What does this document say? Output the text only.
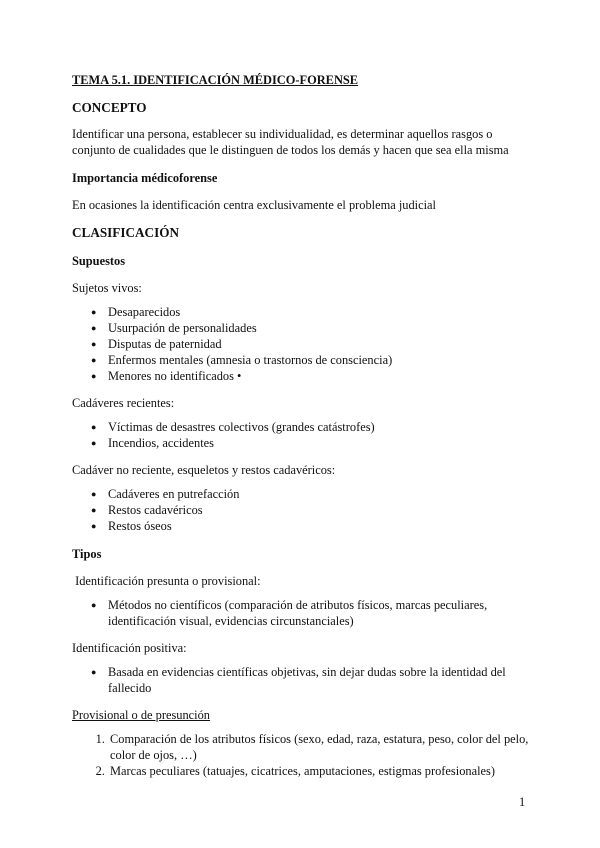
TEMA 5.1. IDENTIFICACIÓN MÉDICO-FORENSE
CONCEPTO
Identificar una persona, establecer su individualidad, es determinar aquellos rasgos o conjunto de cualidades que le distinguen de todos los demás y hacen que sea ella misma
Importancia médicoforense
En ocasiones la identificación centra exclusivamente el problema judicial
CLASIFICACIÓN
Supuestos
Sujetos vivos:
● Desaparecidos
● Usurpación de personalidades
● Disputas de paternidad
● Enfermos mentales (amnesia o trastornos de consciencia)
● Menores no identificados •
Cadáveres recientes:
● Víctimas de desastres colectivos (grandes catástrofes)
● Incendios, accidentes
Cadáver no reciente, esqueletos y restos cadavéricos:
● Cadáveres en putrefacción
● Restos cadavéricos
● Restos óseos
Tipos
Identificación presunta o provisional:
● Métodos no científicos (comparación de atributos físicos, marcas peculiares, identificación visual, evidencias circunstanciales)
Identificación positiva:
● Basada en evidencias científicas objetivas, sin dejar dudas sobre la identidad del fallecido
Provisional o de presunción
1. Comparación de los atributos físicos (sexo, edad, raza, estatura, peso, color del pelo, color de ojos, …)
2. Marcas peculiares (tatuajes, cicatrices, amputaciones, estigmas profesionales)
1
